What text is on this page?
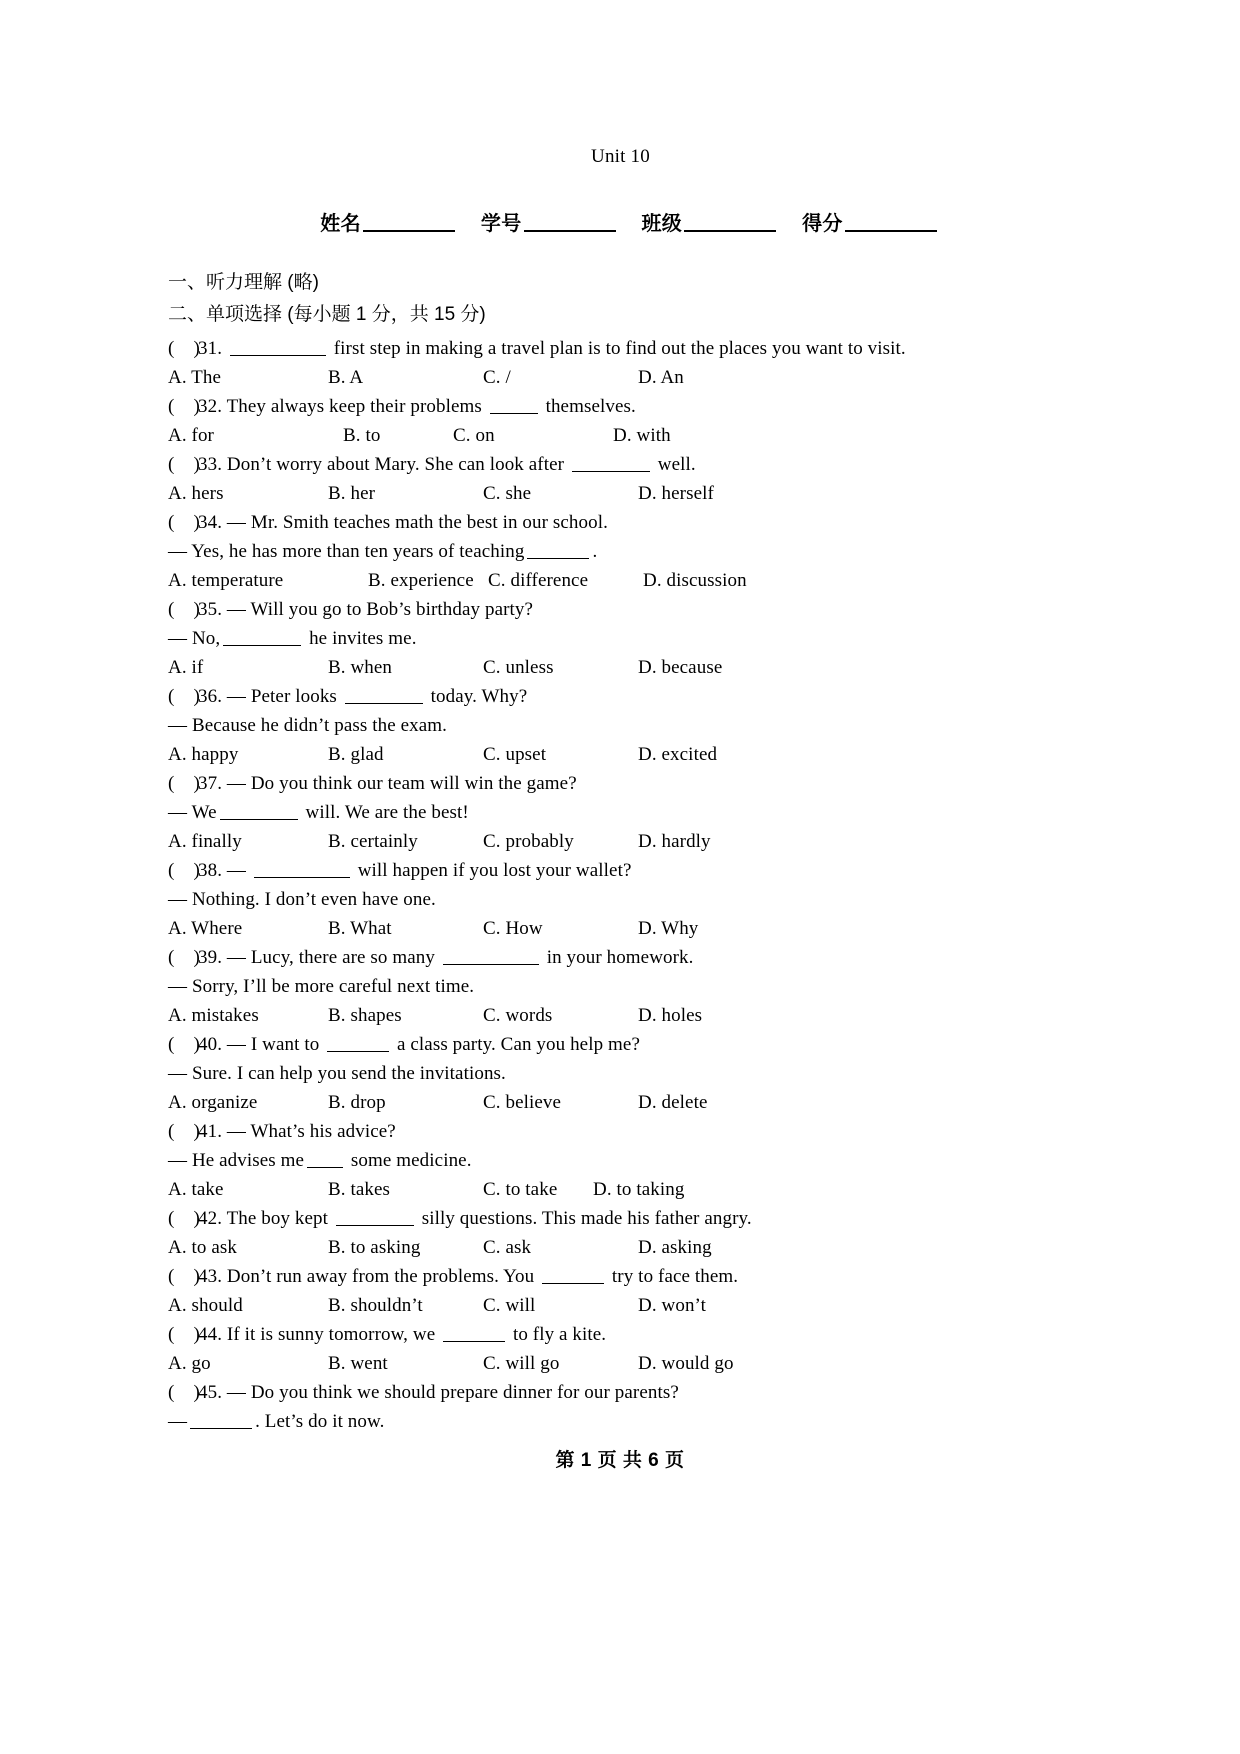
Unit 10
姓名	学号	班级	得分
一、听力理解 (略)
二、单项选择 (每小题 1 分，共 15 分)
( )31.	first step in making a travel plan is to find out the places you want to visit.
A. The	B. A	C. /	D. An
( )32. They always keep their problems	themselves.
A. for	B. to	C. on	D. with
( )33. Don’t worry about Mary. She can look after	well.
A. hers	B. her	C. she	D. herself
( )34. — Mr. Smith teaches math the best in our school.
— Yes, he has more than ten years of teaching	.
A. temperature	B. experience C. difference	D. discussion
( )35. — Will you go to Bob’s birthday party?
— No,	he invites me.
A. if	B. when	C. unless	D. because
( )36. — Peter looks	today. Why?
— Because he didn’t pass the exam.
A. happy	B. glad	C. upset	D. excited
( )37. — Do you think our team will win the game?
— We	will. We are the best!
A. finally	B. certainly	C. probably	D. hardly
( )38. —	will happen if you lost your wallet?
— Nothing. I don’t even have one.
A. Where	B. What	C. How	D. Why
( )39. — Lucy, there are so many	in your homework.
— Sorry, I’ll be more careful next time.
A. mistakes	B. shapes	C. words	D. holes
( )40. — I want to	a class party. Can you help me?
— Sure. I can help you send the invitations.
A. organize	B. drop	C. believe	D. delete
( )41. — What’s his advice?
— He advises me some medicine.
A. take	B. takes	C. to take	D. to taking
( )42. The boy kept	silly questions. This made his father angry.
A. to ask	B. to asking	C. ask	D. asking
( )43. Don’t run away from the problems. You	try to face them.
A. should	B. shouldn’t	C. will	D. won’t
( )44. If it is sunny tomorrow, we	to fly a kite.
A. go	B. went	C. will go	D. would go
( )45. — Do you think we should prepare dinner for our parents?
—	. Let’s do it now.
第 1 页 共 6 页
